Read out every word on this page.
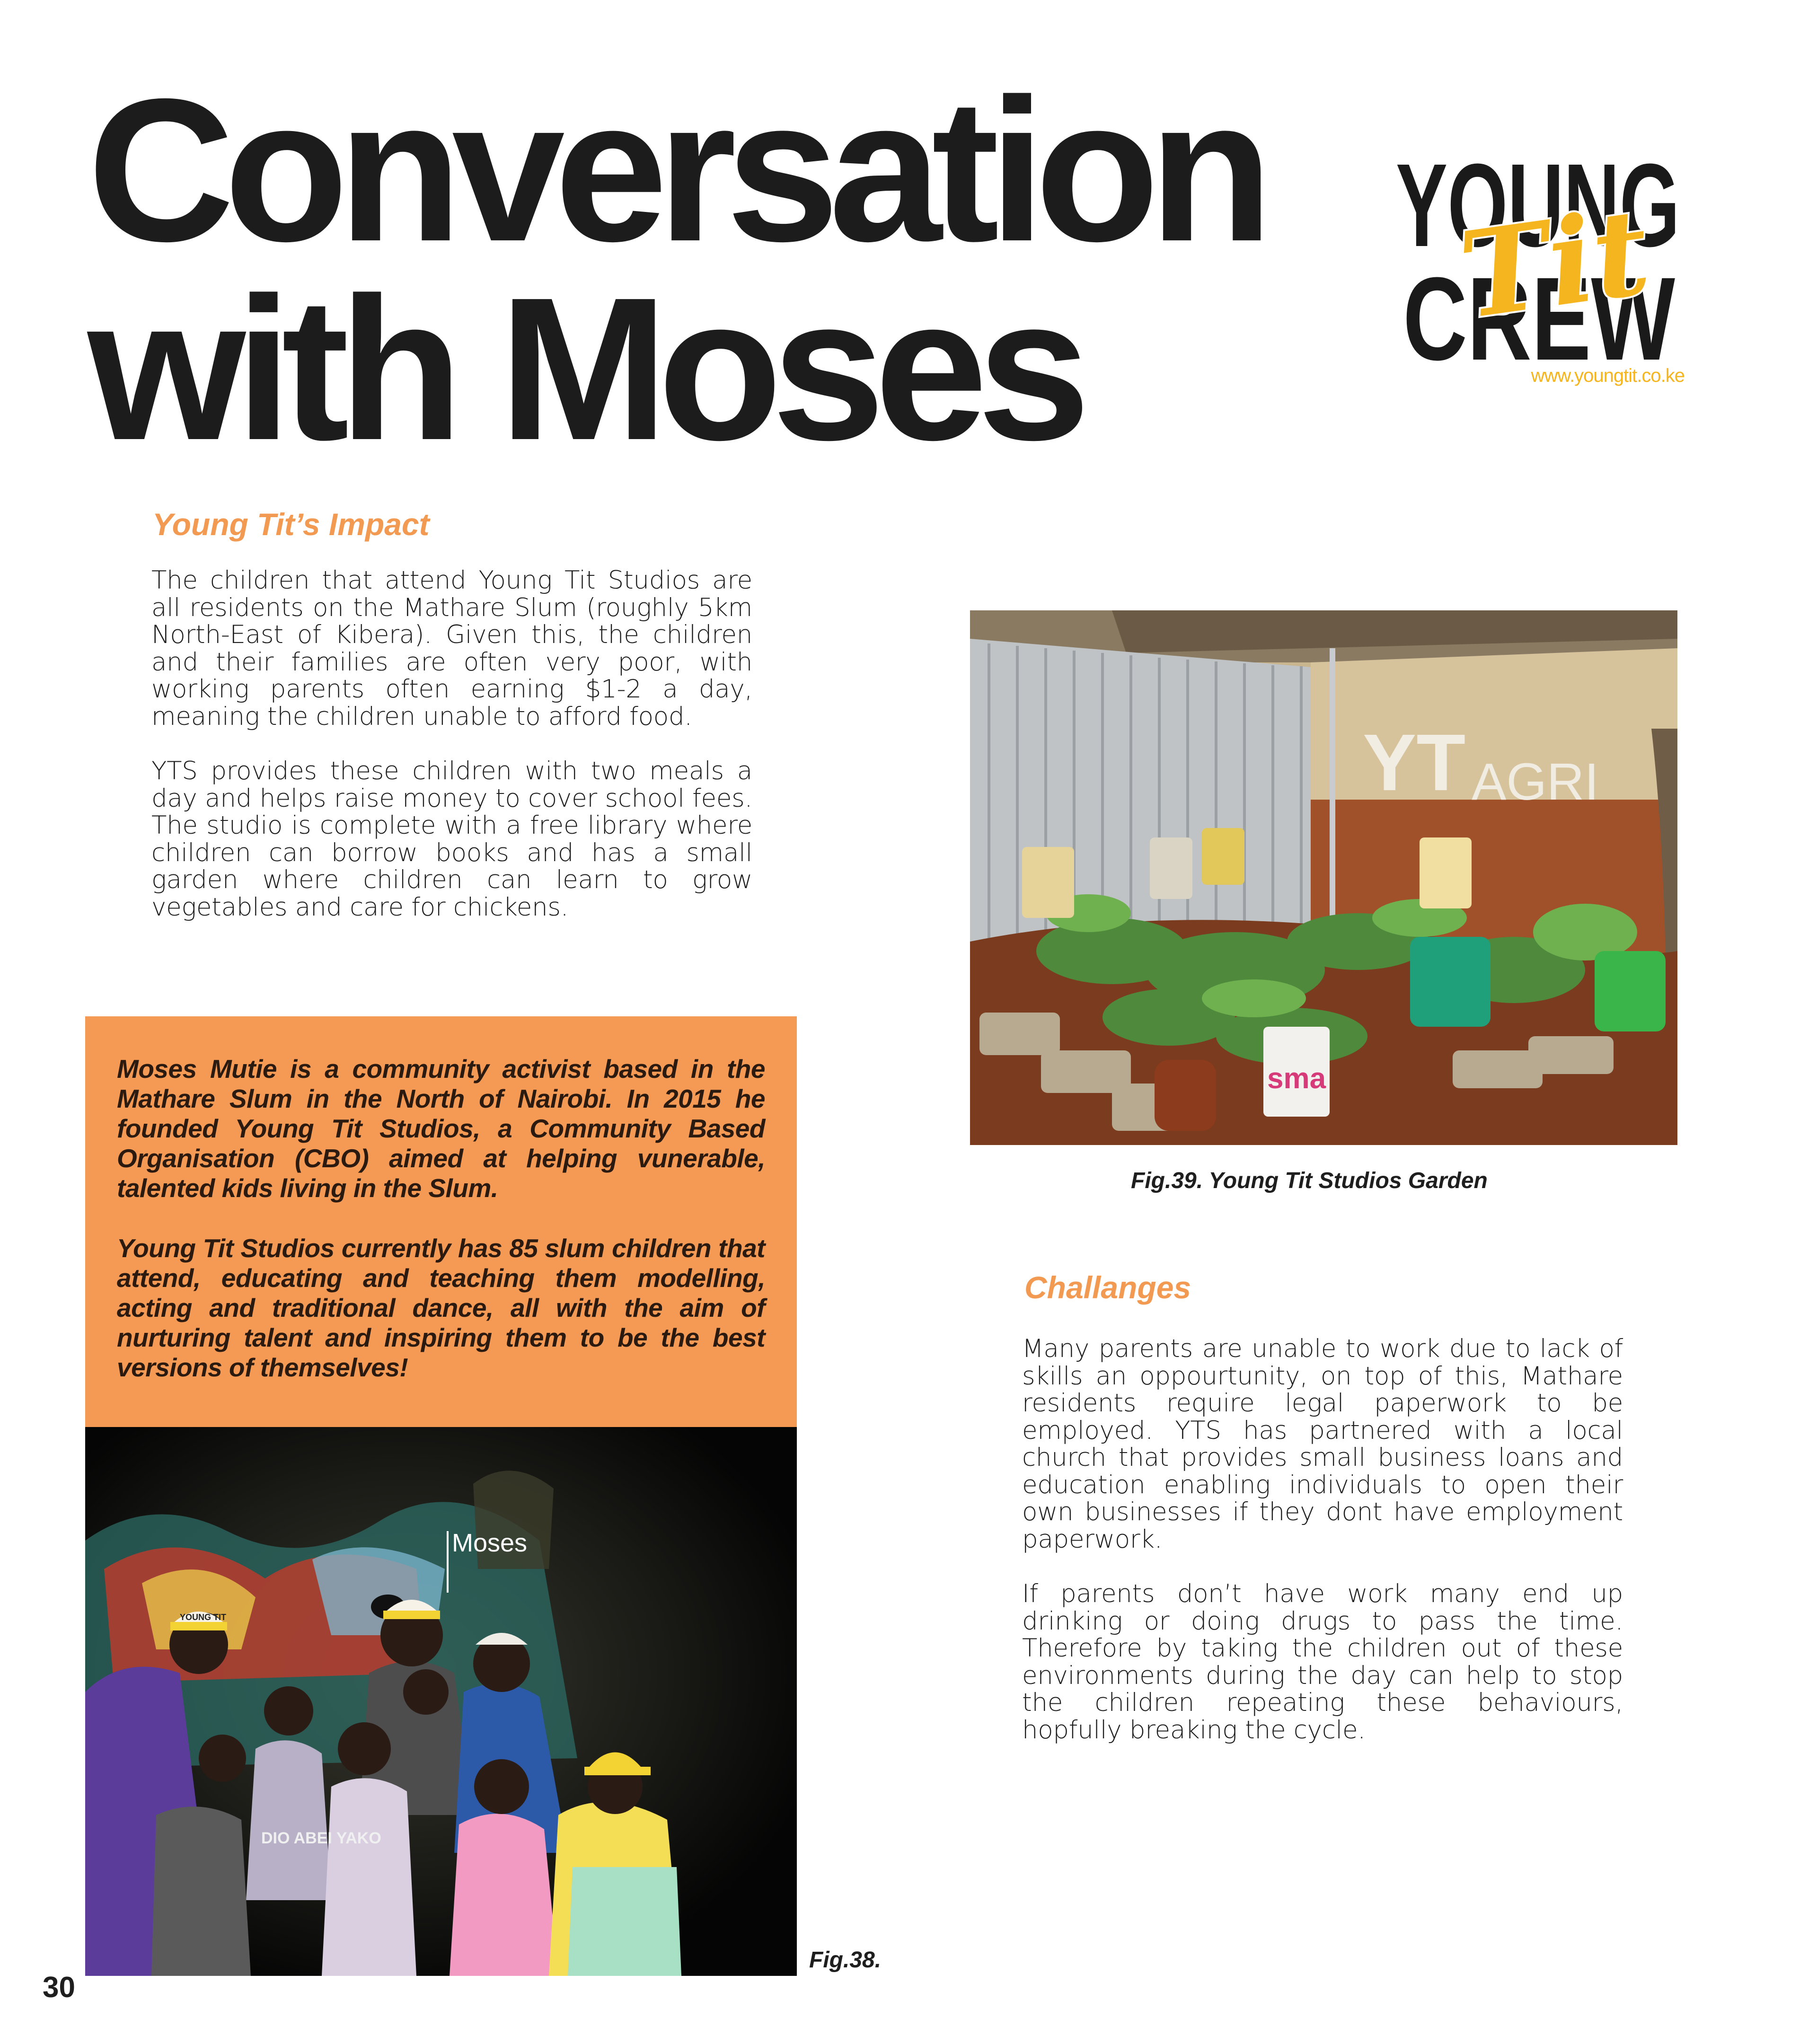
Conversation
with Moses
YOUNG
CREW
Tit
www.youngtit.co.ke
Young Tit’s Impact

The children that attend Young Tit Studios are all residents on the Mathare Slum (roughly 5km North-East of Kibera). Given this, the children and their families are often very poor, with working parents often earning $1-2 a day, meaning the children unable to afford food.

YTS provides these children with two meals a day and helps raise money to cover school fees. The studio is complete with a free library where children can borrow books and has a small garden where children can learn to grow vegetables and care for chickens.

Moses Mutie is a community activist based in the Mathare Slum in the North of Nairobi. In 2015 he founded Young Tit Studios, a Community Based Organisation (CBO) aimed at helping vunerable, talented kids living in the Slum.

Young Tit Studios currently has 85 slum children that attend, educating and teaching them modelling, acting and traditional dance, all with the aim of nurturing talent and inspiring them to be the best versions of themselves!

YOUNG TIT
DIO ABEI YAKO
Moses
Fig.38.
YT AGRI
sma
Fig.39. Young Tit Studios Garden
Challanges

Many parents are unable to work due to lack of skills an oppourtunity, on top of this, Mathare residents require legal paperwork to be employed. YTS has partnered with a local church that provides small business loans and education enabling individuals to open their own businesses if they dont have employment paperwork.

If parents don’t have work many end up drinking or doing drugs to pass the time. Therefore by taking the children out of these environments during the day can help to stop the children repeating these behaviours, hopfully breaking the cycle.

30
